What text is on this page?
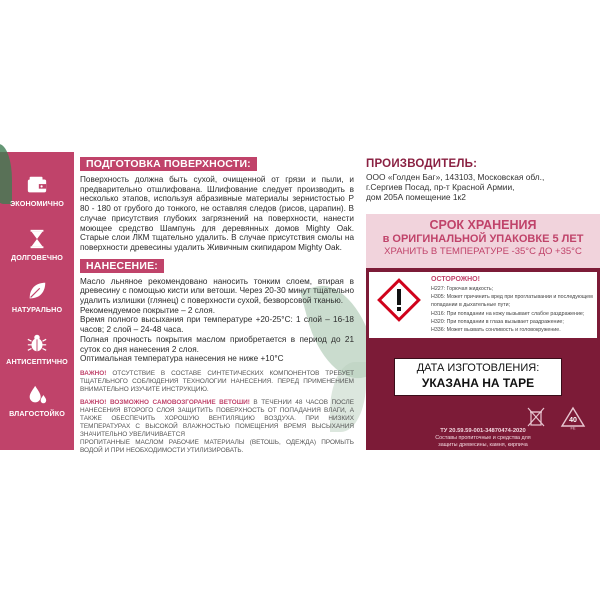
ЭКОНОМИЧНО
ДОЛГОВЕЧНО
НАТУРАЛЬНО
АНТИСЕПТИЧНО
ВЛАГОСТОЙКО
ПОДГОТОВКА ПОВЕРХНОСТИ:

Поверхность должна быть сухой, очищенной от грязи и пыли, и предварительно отшлифована. Шлифование следует производить в несколько этапов, используя абразивные материалы зернистостью Р 80 - 180 от грубого до тонкого, не оставляя следов (рисов, царапин). В случае присутствия глубоких загрязнений на поверхности, нанести моющее средство Шампунь для деревянных домов Mighty Oak. Старые слои ЛКМ тщательно удалить. В случае присутствия смолы на поверхности древесины удалить Живичным скипидаром Mighty Oak.

НАНЕСЕНИЕ:

Масло льняное рекомендовано наносить тонким слоем, втирая в древесину с помощью кисти или ветоши. Через 20-30 минут тщательно удалить излишки (глянец) с поверхности сухой, безворсовой тканью.

Рекомендуемое покрытие – 2 слоя.

Время полного высыхания при температуре +20-25°С: 1 слой – 16-18 часов; 2 слой – 24-48 часа.

Полная прочность покрытия маслом приобретается в период до 21 суток со дня нанесения 2 слоя.

Оптимальная температура нанесения не ниже +10°С

ВАЖНО! ОТСУТСТВИЕ В СОСТАВЕ СИНТЕТИЧЕСКИХ КОМПОНЕНТОВ ТРЕБУЕТ ТЩАТЕЛЬНОГО СОБЛЮДЕНИЯ ТЕХНОЛОГИИ НАНЕСЕНИЯ. ПЕРЕД ПРИМЕНЕНИЕМ ВНИМАТЕЛЬНО ИЗУЧИТЕ ИНСТРУКЦИЮ.

ВАЖНО! ВОЗМОЖНО САМОВОЗГОРАНИЕ ВЕТОШИ! В ТЕЧЕНИИ 48 ЧАСОВ ПОСЛЕ НАНЕСЕНИЯ ВТОРОГО СЛОЯ ЗАЩИТИТЬ ПОВЕРХНОСТЬ ОТ ПОПАДАНИЯ ВЛАГИ, А ТАКЖЕ ОБЕСПЕЧИТЬ ХОРОШУЮ ВЕНТИЛЯЦИЮ ВОЗДУХА. ПРИ НИЗКИХ ТЕМПЕРАТУРАХ С ВЫСОКОЙ ВЛАЖНОСТЬЮ ПОМЕЩЕНИЯ ВРЕМЯ ВЫСЫХАНИЯ ЗНАЧИТЕЛЬНО УВЕЛИЧИВАЕТСЯ

ПРОПИТАННЫЕ МАСЛОМ РАБОЧИЕ МАТЕРИАЛЫ (ВЕТОШЬ, ОДЕЖДА) ПРОМЫТЬ ВОДОЙ И ПРИ НЕОБХОДИМОСТИ УТИЛИЗИРОВАТЬ.

ПРОИЗВОДИТЕЛЬ:
ООО «Голден Баг», 143103, Московская обл.,
г.Сергиев Посад, пр-т Красной Армии,
дом 205А помещение 1к2
СРОК ХРАНЕНИЯ
в ОРИГИНАЛЬНОЙ УПАКОВКЕ 5 ЛЕТ
ХРАНИТЬ В ТЕМПЕРАТУРЕ -35°С ДО +35°С
ОСТОРОЖНО!
H227: Горючая жидкость;
H305: Может причинить вред при проглатывании и последующем попадании в дыхательные пути;
H316: При попадании на кожу вызывает слабое раздражение;
H320: При попадании в глаза вызывает раздражение;
H336: Может вызвать сонливость и головокружение.
ДАТА ИЗГОТОВЛЕНИЯ:
УКАЗАНА НА ТАРЕ
40
FE
ТУ 20.59.59-001-34870474-2020
Составы пропиточные и средства для
защиты древесины, камня, кирпича
